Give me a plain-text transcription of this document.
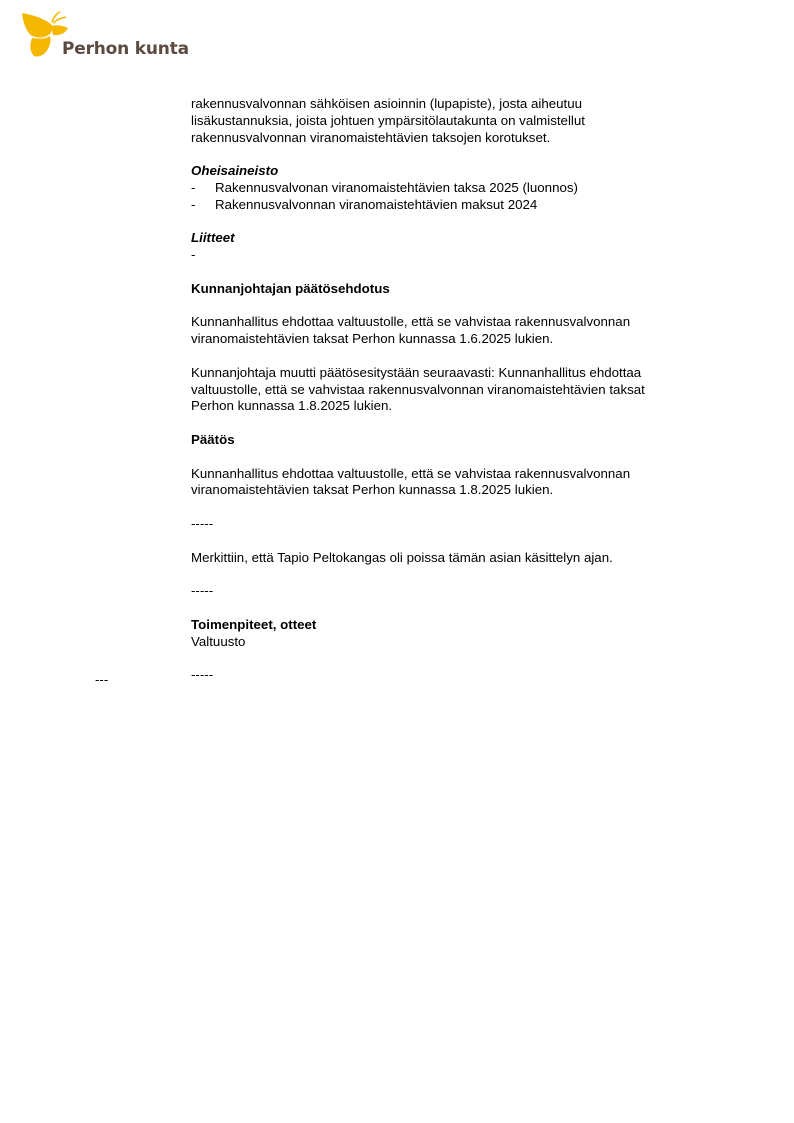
Perhon kunta

rakennusvalvonnan sähköisen asioinnin (lupapiste), josta aiheutuu

lisäkustannuksia, joista johtuen ympärsitölautakunta on valmistellut

rakennusvalvonnan viranomaistehtävien taksojen korotukset.

Oheisaineisto

- Rakennusvalvonan viranomaistehtävien taksa 2025 (luonnos)
- Rakennusvalvonnan viranomaistehtävien maksut 2024

Liitteet

-

Kunnanjohtajan päätösehdotus

Kunnanhallitus ehdottaa valtuustolle, että se vahvistaa rakennusvalvonnan

viranomaistehtävien taksat Perhon kunnassa 1.6.2025 lukien.

Kunnanjohtaja muutti päätösesitystään seuraavasti: Kunnanhallitus ehdottaa

valtuustolle, että se vahvistaa rakennusvalvonnan viranomaistehtävien taksat

Perhon kunnassa 1.8.2025 lukien.

Päätös

Kunnanhallitus ehdottaa valtuustolle, että se vahvistaa rakennusvalvonnan

viranomaistehtävien taksat Perhon kunnassa 1.8.2025 lukien.

-----

Merkittiin, että Tapio Peltokangas oli poissa tämän asian käsittelyn ajan.

-----

Toimenpiteet, otteet

Valtuusto

-----

---
